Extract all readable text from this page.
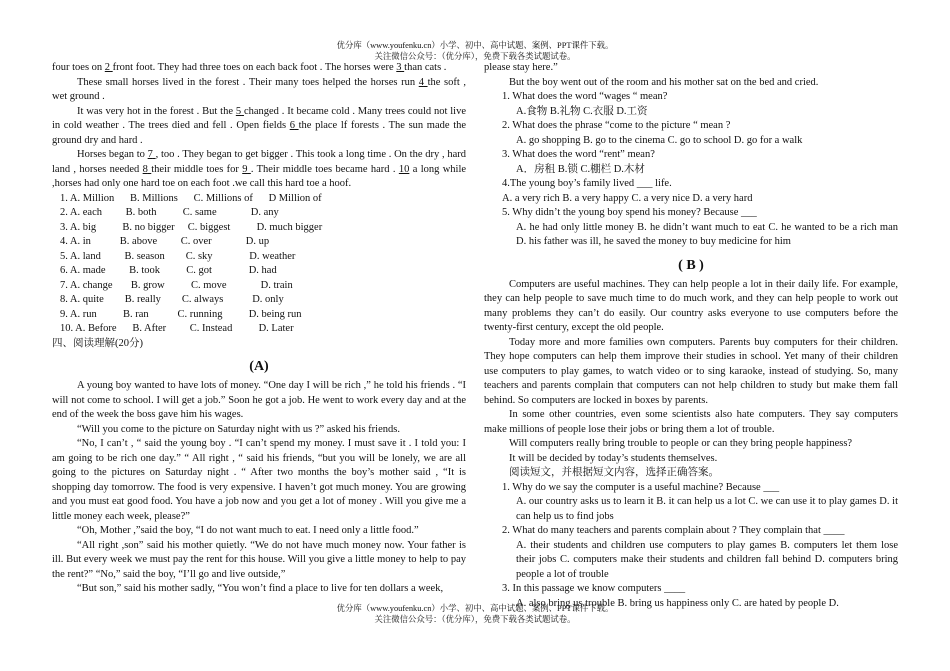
优分库（www.youfenku.cn）小学、初中、高中试题、案例、PPT课件下载。
关注微信公众号：（优分库），免费下载各类试题试卷。

four toes on 2 front foot. They had three toes on each back foot . The horses were 3 than cats .

These small horses lived in the forest . Their many toes helped the horses run 4 the soft , wet ground .

It was very hot in the forest . But the 5 changed . It became cold . Many trees could not live in cold weather . The trees died and fell . Open fields 6 the place lf forests . The sun made the ground dry and hard .

Horses began to 7 , too . They began to get bigger . This took a long time . On the dry , hard land , horses needed 8 their middle toes for 9 . Their middle toes became hard . 10 a long while ,horses had only one hard toe on each foot .we call this hard toe a hoof.

1. A. Million      B. Millions      C. Millions of      D Million of

2. A. each         B. both          C. same             D. any

3. A. big          B. no bigger     C. biggest          D. much bigger

4. A. in           B. above         C. over             D. up

5. A. land         B. season        C. sky              D. weather

6. A. made         B. took          C. got              D. had

7. A. change       B. grow          C. move             D. train

8. A. quite        B. really        C. always           D. only

9. A. run          B. ran           C. running          D. being run

10. A. Before      B. After         C. Instead          D. Later

四、阅读理解(20分)

(A)

A young boy wanted to have lots of money. “One day I will be rich ,” he told his friends . “I will not come to school. I will get a job.” Soon he got a job. He went to work every day and at the end of the week the boss gave him his wages.

“Will you come to the picture on Saturday night with us ?” asked his friends.

“No, I can’t , “ said the young boy . “I can’t spend my money. I must save it . I told you: I am going to be rich one day.” “ All right , “ said his friends, “but you will be lonely, we are all going to the pictures on Saturday night . “ After two months the boy’s mother said , “It is shopping day tomorrow. The food is very expensive. I haven’t got much money. You are growing and you must eat good food. You have a job now and you get a lot of money . Will you give me a little money each week, please?”

“Oh, Mother ,”said the boy, “I do not want much to eat. I need only a little food.”

“All right ,son” said his mother quietly. “We do not have much money now. Your father is ill. But every week we must pay the rent for this house. Will you give a little money to help to pay the rent?” “No,” said the boy, “I’ll go and live outside,”

“But son,” said his mother sadly, “You won’t find a place to live for ten dollars a week,

please stay here.”

But the boy went out of the room and his mother sat on the bed and cried.

1. What does the word “wages “ mean?

A.食物 B.礼物 C.衣服 D.工资

2. What does the phrase “come to the picture “ mean ?

A. go shopping B. go to the cinema C. go to school D. go for a walk

3. What does the word “rent” mean?

A．房租 B.锁 C.棚栏 D.木材

4.The young boy’s family lived ___ life.

A. a very rich B. a very happy C. a very nice D. a very hard

5. Why didn’t the young boy spend his money? Because ___

A. he had only little money B. he didn’t want much to eat C. he wanted to be a rich man D. his father was ill, he saved the money to buy medicine for him

( B )

Computers are useful machines. They can help people a lot in their daily life. For example, they can help people to save much time to do much work, and they can help people to work out many problems they can’t do easily. Our country asks everyone to use computers before the twenty-first century, except the old people.

Today more and more families own computers. Parents buy computers for their children. They hope computers can help them improve their studies in school. Yet many of their children use computers to play games, to watch video or to sing karaoke, instead of studying. So, many teachers and parents complain that computers can not help children to study but make them fall behind. So computers are locked in boxes by parents.

In some other countries, even some scientists also hate computers. They say computers make millions of people lose their jobs or bring them a lot of trouble.

Will computers really bring trouble to people or can they bring people happiness?

It will be decided by today’s students themselves.

阅读短文，并根据短文内容，选择正确答案。

1. Why do we say the computer is a useful machine? Because ___

A. our country asks us to learn it B. it can help us a lot C. we can use it to play games D. it can help us to find jobs

2. What do many teachers and parents complain about ? They complain that ____

A. their students and children use computers to play games B. computers let them lose their jobs C. computers make their students and children fall behind D. computers bring people a lot of trouble

3. In this passage we know computers ____

A. also bring us trouble B. bring us happiness only C. are hated by people D.

优分库（www.youfenku.cn）小学、初中、高中试题、案例、PPT课件下载。
关注微信公众号：（优分库），免费下载各类试题试卷。
